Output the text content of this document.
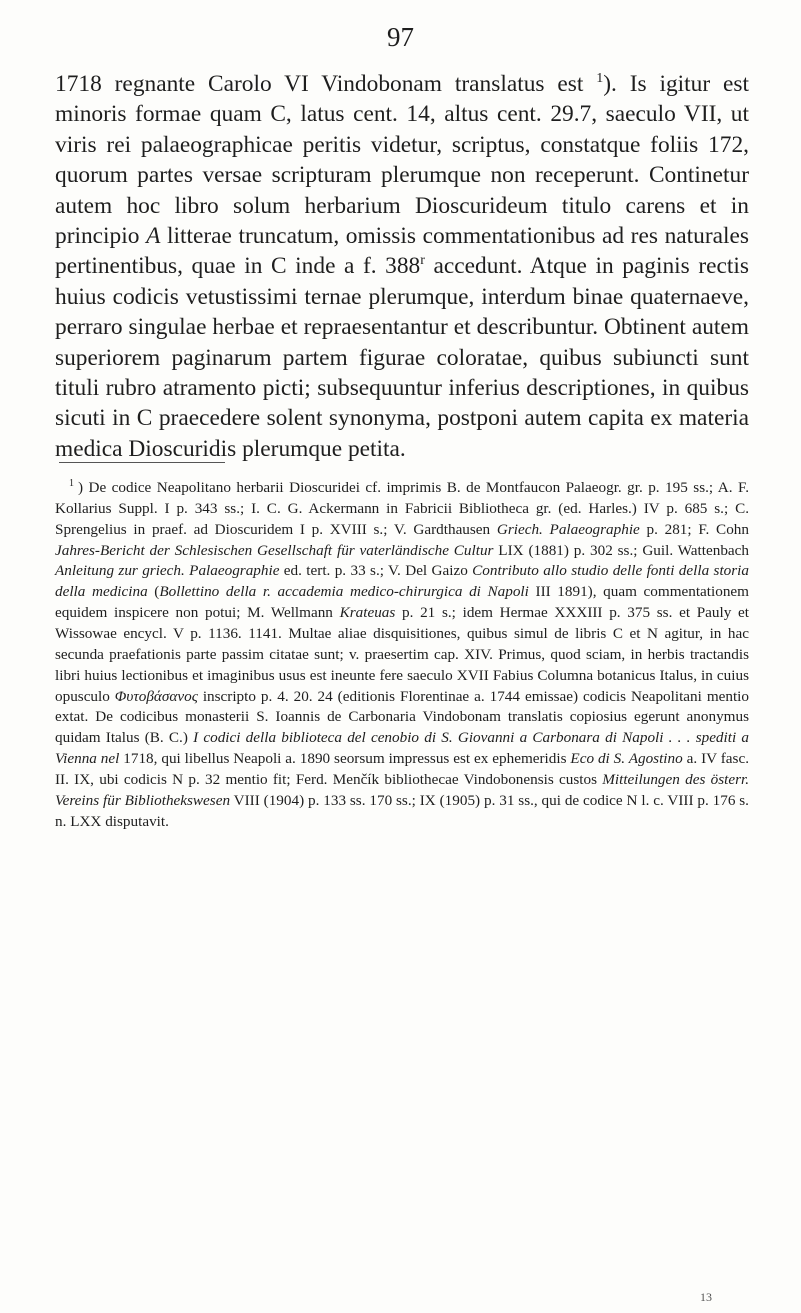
97

1718 regnante Carolo VI Vindobonam translatus est $^1$). Is igitur est minoris formae quam C, latus cent. 14, altus cent. 29.7, saeculo VII, ut viris rei palaeographicae peritis videtur, scriptus, constatque foliis 172, quorum partes versae scripturam plerumque non receperunt. Continetur autem hoc libro solum herbarium Dioscurideum titulo carens et in principio A litterae truncatum, omissis commentationibus ad res naturales pertinentibus, quae in C inde a f. 388$^r$ accedunt. Atque in paginis rectis huius codicis vetustissimi ternae plerumque, interdum binae quaternaeve, perraro singulae herbae et repraesentantur et describuntur. Obtinent autem superiorem paginarum partem figurae coloratae, quibus subiuncti sunt tituli rubro atramento picti; subsequuntur inferius descriptiones, in quibus sicuti in C praecedere solent synonyma, postponi autem capita ex materia medica Dioscuridis plerumque petita.

$^1$ ) De codice Neapolitano herbarii Dioscuridei cf. imprimis B. de Montfaucon Palaeogr. gr. p. 195 ss.; A. F. Kollarius Suppl. I p. 343 ss.; I. C. G. Ackermann in Fabricii Bibliotheca gr. (ed. Harles.) IV p. 685 s.; C. Sprengelius in praef. ad Dioscuridem I p. XVIII s.; V. Gardthausen Griech. Palaeographie p. 281; F. Cohn Jahres-Bericht der Schlesischen Gesellschaft für vaterländische Cultur LIX (1881) p. 302 ss.; Guil. Wattenbach Anleitung zur griech. Palaeographie ed. tert. p. 33 s.; V. Del Gaizo Contributo allo studio delle fonti della storia della medicina (Bollettino della r. accademia medico-chirurgica di Napoli III 1891), quam commentationem equidem inspicere non potui; M. Wellmann Krateuas p. 21 s.; idem Hermae XXXIII p. 375 ss. et Pauly et Wissowae encycl. V p. 1136. 1141. Multae aliae disquisitiones, quibus simul de libris C et N agitur, in hac secunda praefationis parte passim citatae sunt; v. praesertim cap. XIV. Primus, quod sciam, in herbis tractandis libri huius lectionibus et imaginibus usus est ineunte fere saeculo XVII Fabius Columna botanicus Italus, in cuius opusculo Φυτοβάσανος inscripto p. 4. 20. 24 (editionis Florentinae a. 1744 emissae) codicis Neapolitani mentio extat. De codicibus monasterii S. Ioannis de Carbonaria Vindobonam translatis copiosius egerunt anonymus quidam Italus (B. C.) I codici della biblioteca del cenobio di S. Giovanni a Carbonara di Napoli . . . spediti a Vienna nel 1718, qui libellus Neapoli a. 1890 seorsum impressus est ex ephemeridis Eco di S. Agostino a. IV fasc. II. IX, ubi codicis N p. 32 mentio fit; Ferd. Menčík bibliothecae Vindobonensis custos Mitteilungen des österr. Vereins für Bibliothekswesen VIII (1904) p. 133 ss. 170 ss.; IX (1905) p. 31 ss., qui de codice N l. c. VIII p. 176 s. n. LXX disputavit.

13
